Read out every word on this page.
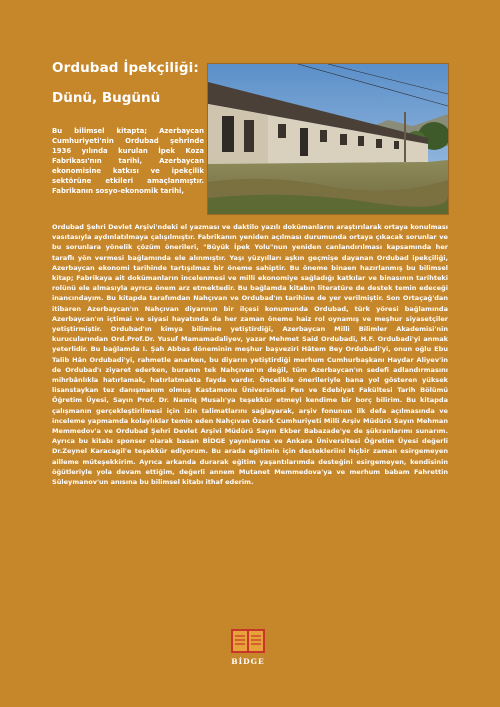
Ordubad İpekçiliği:
Dünü, Bugünü
Bu bilimsel kitapta; Azerbaycan Cumhuriyeti'nin Ordubad şehrinde 1936 yılında kurulan İpek Koza Fabrikası'nın tarihi, Azerbaycan ekonomisine katkısı ve ipekçilik sektörüne etkileri amaçlanmıştır. Fabrikanın sosyo-ekonomik tarihi,
Ordubad Şehri Devlet Arşivi'ndeki el yazması ve daktilo yazılı dokümanların araştırılarak ortaya konulması vasıtasıyla aydınlatılmaya çalışılmıştır. Fabrikanın yeniden açılması durumunda ortaya çıkacak sorunlar ve bu sorunlara yönelik çözüm önerileri, "Büyük İpek Yolu"nun yeniden canlandırılması kapsamında her taraflı yön vermesi bağlamında ele alınmıştır. Yaşı yüzyılları aşkın geçmişe dayanan Ordubad ipekçiliği, Azerbaycan ekonomi tarihinde tartışılmaz bir öneme sahiptir. Bu öneme binaen hazırlanmış bu bilimsel kitap; Fabrikaya ait dokümanların incelenmesi ve milli ekonomiye sağladığı katkılar ve binasının tarihteki rolünü ele almasıyla ayrıca önem arz etmektedir. Bu bağlamda kitabın literatüre de destek temin edeceği inancındayım. Bu kitapda tarafımdan Nahçıvan ve Ordubad'ın tarihine de yer verilmiştir. Son Ortaçağ'dan itibaren Azerbaycan'ın Nahçıvan diyarının bir ilçesi konumunda Ordubad, türk yöresi bağlamında Azerbaycan'ın içtimai ve siyasi hayatında da her zaman öneme haiz rol oynamış ve meşhur siyasetçiler yetiştirmiştir. Ordubad'ın kimya bilimine yetiştirdiği, Azerbaycan Milli Bilimler Akademisi'nin kurucularından Ord.Prof.Dr. Yusuf Mamamadaliyev, yazar Mehmet Said Ordubadi, H.F. Ordubadi'yi anmak yeterlidir. Bu bağlamda I. Şah Abbas döneminin meşhur başveziri Hâtem Bey Ordubadi'yi, onun oğlu Ebu Talib Hân Ordubadi'yi, rahmetle anarken, bu diyarın yetiştirdiği merhum Cumhurbaşkanı Haydar Aliyev'in de Ordubad'ı ziyaret ederken, buranın tek Nahçıvan'ın değil, tüm Azerbaycan'ın sedefi adlandırmasını mihrbânlıkla hatırlamak, hatırlatmakta fayda vardır. Öncelikle önerileriyle bana yol gösteren yüksek lisanstaykan tez danışmanım olmuş Kastamonu Üniversitesi Fen ve Edebiyat Fakültesi Tarih Bölümü Öğretim Üyesi, Sayın Prof. Dr. Namiq Musalı'ya teşekkür etmeyi kendime bir borç bilirim. Bu kitapda çalışmanın gerçekleştirilmesi için izin talimatlarını sağlayarak, arşiv fonunun ilk defa açılmasında ve inceleme yapmamda kolaylıklar temin eden Nahçıvan Özerk Cumhuriyeti Milli Arşiv Müdürü Sayın Mehman Memmedov'a ve Ordubad Şehri Devlet Arşivi Müdürü Sayın Ekber Babazade'ye de şükranlarımı sunarım. Ayrıca bu kitabı sponser olarak basan BİDGE yayınlarına ve Ankara Üniversitesi Öğretim Üyesi değerli Dr.Zeynel Karacagil'e teşekkür ediyorum. Bu arada eğitimin için destekleriini hiçbir zaman esirgemeyen ailleme müteşekkirim. Ayrıca arkanda durarak eğitim yaşantılarımda desteğini esirgemeyen, kendisinin öğütleriyle yola devam ettiğim, değerli annem Mutanet Memmedova'ya ve merhum babam Fahrettin Süleymanov'un anısına bu bilimsel kitabı ithaf ederim.
BİDGE
